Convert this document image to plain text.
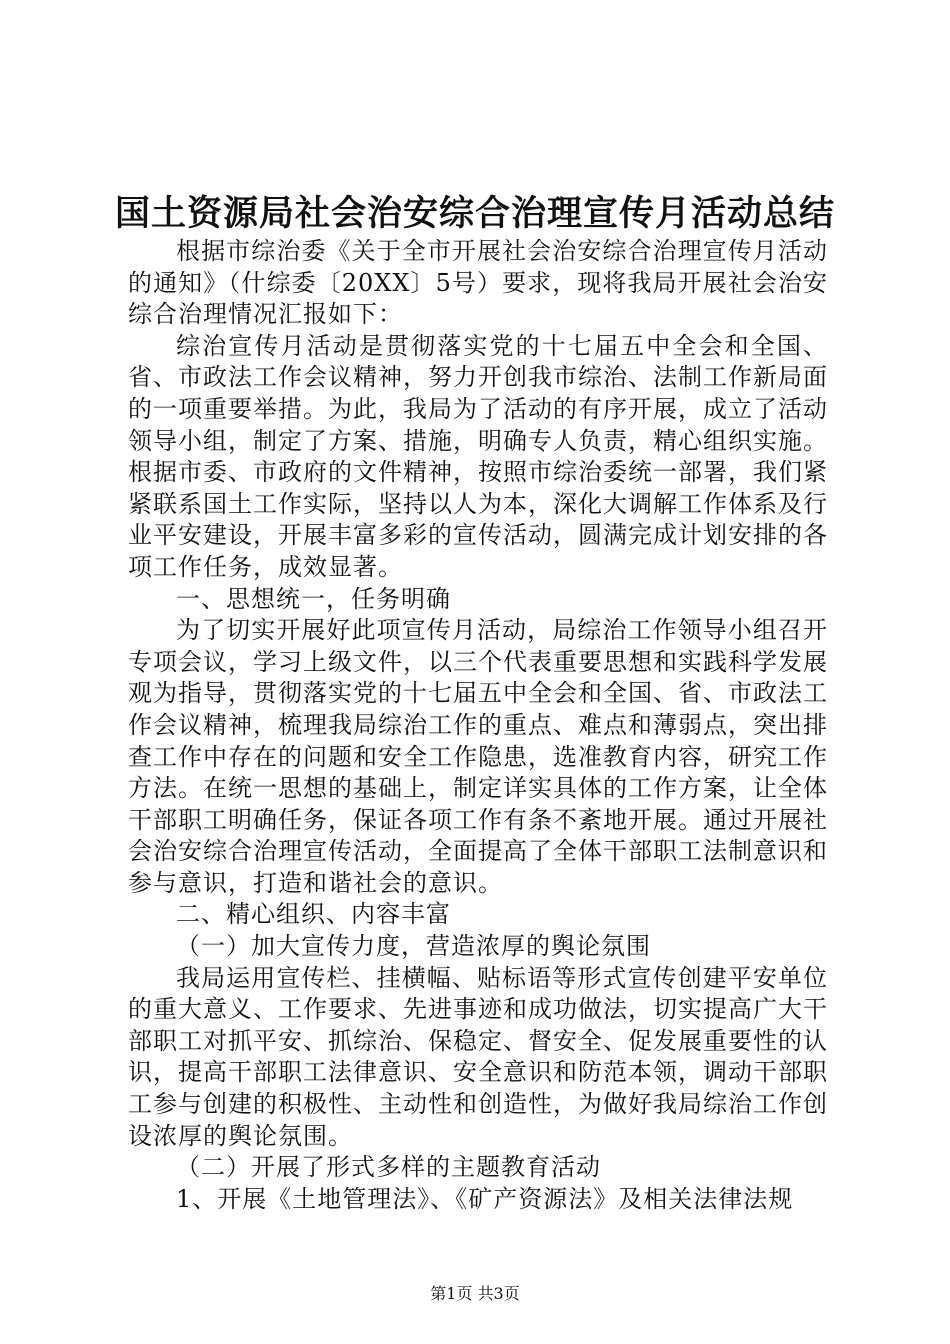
国土资源局社会治安综合治理宣传月活动总结

根据市综治委《关于全市开展社会治安综合治理宣传月活动的通知》（什综委〔20XX〕5号）要求，现将我局开展社会治安综合治理情况汇报如下：

综治宣传月活动是贯彻落实党的十七届五中全会和全国、省、市政法工作会议精神，努力开创我市综治、法制工作新局面的一项重要举措。为此，我局为了活动的有序开展，成立了活动领导小组，制定了方案、措施，明确专人负责，精心组织实施。根据市委、市政府的文件精神，按照市综治委统一部署，我们紧紧联系国土工作实际，坚持以人为本，深化大调解工作体系及行业平安建设，开展丰富多彩的宣传活动，圆满完成计划安排的各项工作任务，成效显著。

一、思想统一，任务明确

为了切实开展好此项宣传月活动，局综治工作领导小组召开专项会议，学习上级文件，以三个代表重要思想和实践科学发展观为指导，贯彻落实党的十七届五中全会和全国、省、市政法工作会议精神，梳理我局综治工作的重点、难点和薄弱点，突出排查工作中存在的问题和安全工作隐患，选准教育内容，研究工作方法。在统一思想的基础上，制定详实具体的工作方案，让全体干部职工明确任务，保证各项工作有条不紊地开展。通过开展社会治安综合治理宣传活动，全面提高了全体干部职工法制意识和参与意识，打造和谐社会的意识。

二、精心组织、内容丰富

（一）加大宣传力度，营造浓厚的舆论氛围

我局运用宣传栏、挂横幅、贴标语等形式宣传创建平安单位的重大意义、工作要求、先进事迹和成功做法，切实提高广大干部职工对抓平安、抓综治、保稳定、督安全、促发展重要性的认识，提高干部职工法律意识、安全意识和防范本领，调动干部职工参与创建的积极性、主动性和创造性，为做好我局综治工作创设浓厚的舆论氛围。

（二）开展了形式多样的主题教育活动

1、开展《土地管理法》、《矿产资源法》及相关法律法规

第1页 共3页
